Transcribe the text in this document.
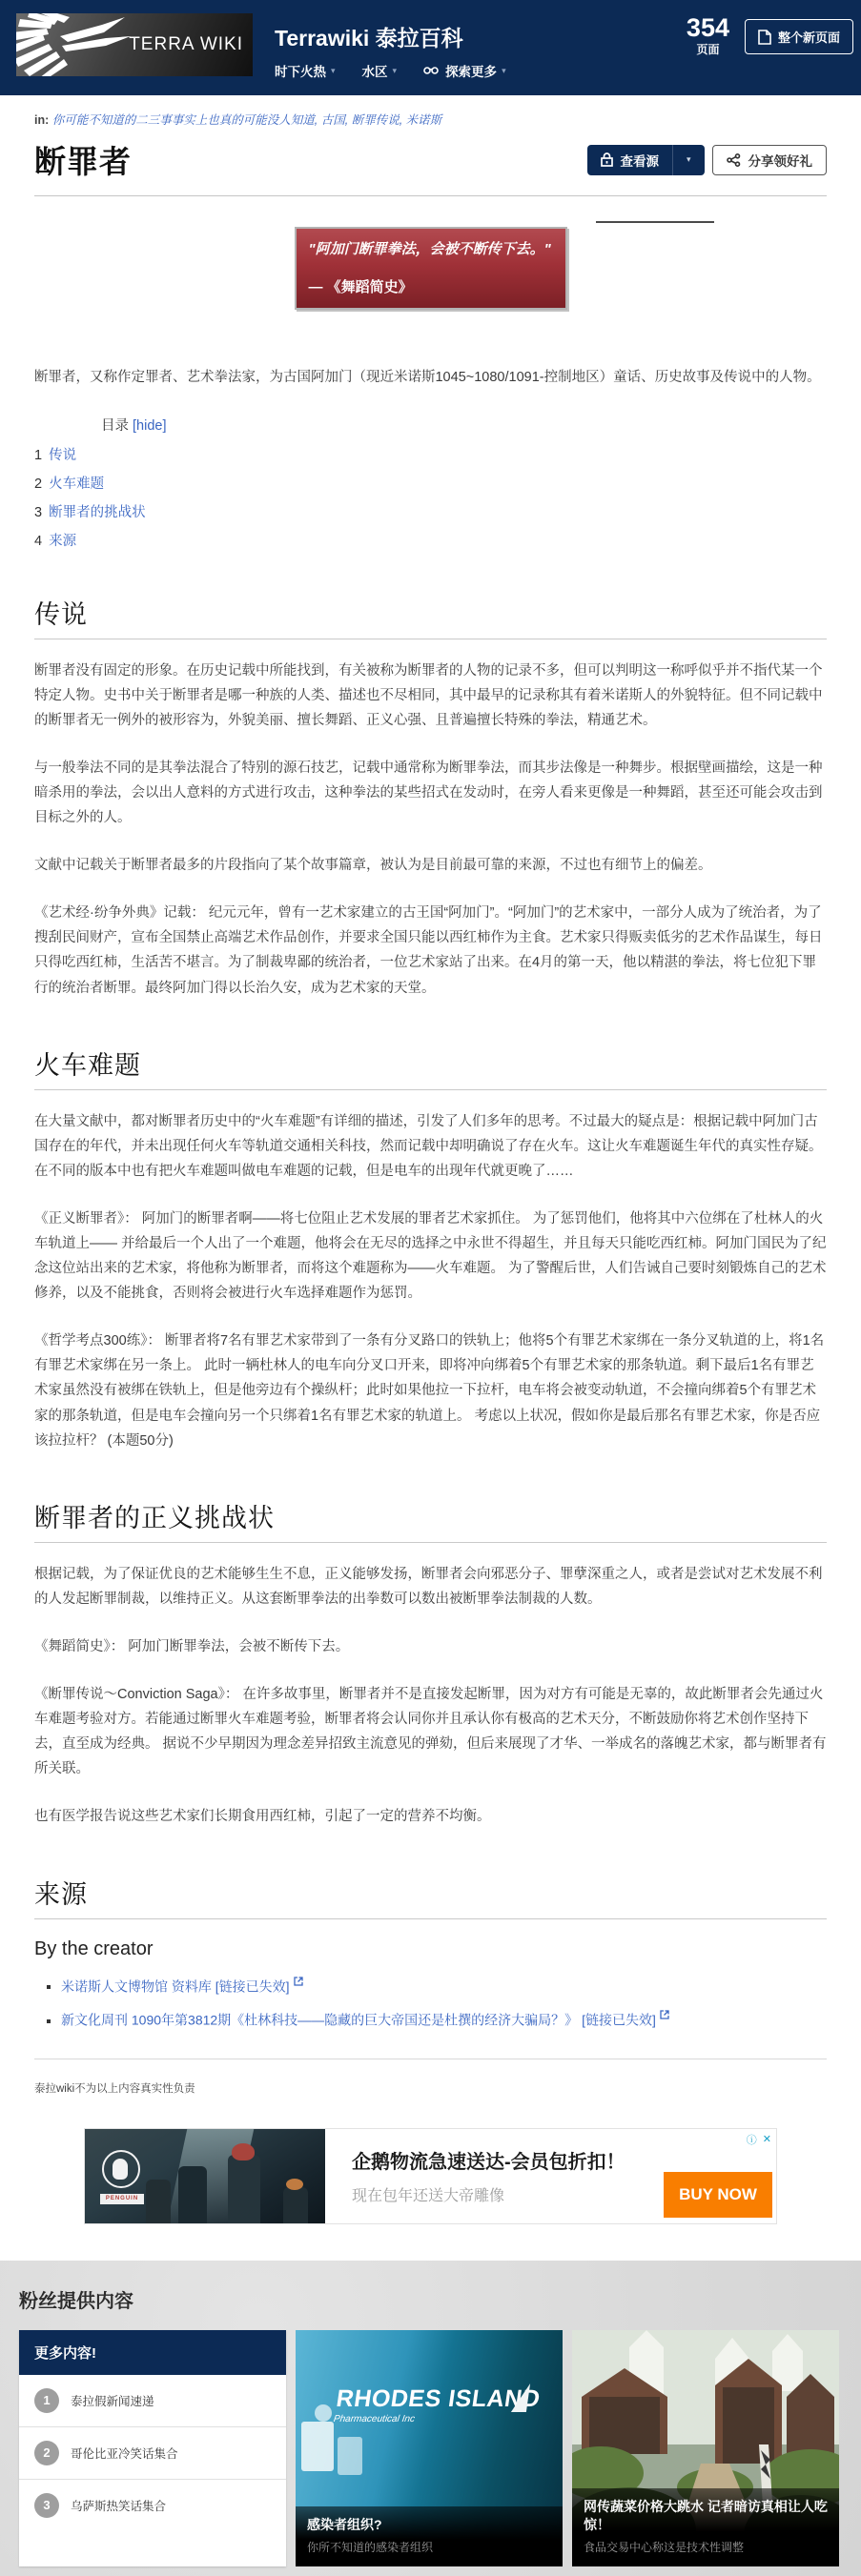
TERRA WIKI Terrawiki 泰拉百科
时下火热 ▾ 水区 ▾	探索更多 ▾
354
页面
整个新页面
in: 你可能不知道的二三事事实上也真的可能没人知道 , 古国 , 断罪传说 , 米诺斯
断罪者	查看源	▾	分享领好礼
"阿加门断罪拳法，会被不断传下去。"
— 《舞蹈简史》

断罪者，又称作定罪者、艺术拳法家，为古国阿加门（现近米诺斯1045~1080/1091-控制地区）童话、历史故事及传说中的人物。

目录 [hide]
1 传说
2 火车难题
3 断罪者的挑战状
4 来源
传说

断罪者没有固定的形象。在历史记载中所能找到，有关被称为断罪者的人物的记录不多，但可以判明这一称呼似乎并不指代某一个特定人物。史书中关于断罪者是哪一种族的人类、描述也不尽相同，其中最早的记录称其有着米诺斯人的外貌特征。但不同记载中的断罪者无一例外的被形容为，外貌美丽、擅长舞蹈、正义心强、且普遍擅长特殊的拳法，精通艺术。

与一般拳法不同的是其拳法混合了特别的源石技艺，记载中通常称为断罪拳法，而其步法像是一种舞步。根据壁画描绘，这是一种暗杀用的拳法，会以出人意料的方式进行攻击，这种拳法的某些招式在发动时，在旁人看来更像是一种舞蹈，甚至还可能会攻击到目标之外的人。

文献中记载关于断罪者最多的片段指向了某个故事篇章，被认为是目前最可靠的来源，不过也有细节上的偏差。

《艺术经·纷争外典》记载： 纪元元年，曾有一艺术家建立的古王国“阿加门”。“阿加门”的艺术家中，一部分人成为了统治者，为了搜刮民间财产，宣布全国禁止高端艺术作品创作，并要求全国只能以西红柿作为主食。艺术家只得贩卖低劣的艺术作品谋生，每日只得吃西红柿，生活苦不堪言。为了制裁卑鄙的统治者，一位艺术家站了出来。在4月的第一天，他以精湛的拳法，将七位犯下罪行的统治者断罪。最终阿加门得以长治久安，成为艺术家的天堂。

火车难题

在大量文献中，都对断罪者历史中的“火车难题”有详细的描述，引发了人们多年的思考。不过最大的疑点是：根据记载中阿加门古国存在的年代，并未出现任何火车等轨道交通相关科技，然而记载中却明确说了存在火车。这让火车难题诞生年代的真实性存疑。 在不同的版本中也有把火车难题叫做电车难题的记载，但是电车的出现年代就更晚了……

《正义断罪者》： 阿加门的断罪者啊——将七位阻止艺术发展的罪者艺术家抓住。 为了惩罚他们，他将其中六位绑在了杜林人的火车轨道上—— 并给最后一个人出了一个难题，他将会在无尽的选择之中永世不得超生，并且每天只能吃西红柿。阿加门国民为了纪念这位站出来的艺术家，将他称为断罪者，而将这个难题称为——火车难题。 为了警醒后世，人们告诫自己要时刻锻炼自己的艺术修养，以及不能挑食，否则将会被进行火车选择难题作为惩罚。

《哲学考点300练》： 断罪者将7名有罪艺术家带到了一条有分叉路口的铁轨上；他将5个有罪艺术家绑在一条分叉轨道的上，将1名有罪艺术家绑在另一条上。 此时一辆杜林人的电车向分叉口开来，即将冲向绑着5个有罪艺术家的那条轨道。剩下最后1名有罪艺术家虽然没有被绑在铁轨上，但是他旁边有个操纵杆；此时如果他拉一下拉杆，电车将会被变动轨道，不会撞向绑着5个有罪艺术家的那条轨道，但是电车会撞向另一个只绑着1名有罪艺术家的轨道上。 考虑以上状况，假如你是最后那名有罪艺术家，你是否应该拉拉杆？ (本题50分)

断罪者的正义挑战状

根据记载，为了保证优良的艺术能够生生不息，正义能够发扬，断罪者会向邪恶分子、罪孽深重之人，或者是尝试对艺术发展不利的人发起断罪制裁，以维持正义。从这套断罪拳法的出拳数可以数出被断罪拳法制裁的人数。

《舞蹈简史》： 阿加门断罪拳法，会被不断传下去。

《断罪传说～Conviction Saga》： 在许多故事里，断罪者并不是直接发起断罪，因为对方有可能是无辜的，故此断罪者会先通过火车难题考验对方。若能通过断罪火车难题考验，断罪者将会认同你并且承认你有极高的艺术天分，不断鼓励你将艺术创作坚持下去，直至成为经典。 据说不少早期因为理念差异招致主流意见的弹劾，但后来展现了才华、一举成名的落魄艺术家，都与断罪者有所关联。

也有医学报告说这些艺术家们长期食用西红柿，引起了一定的营养不均衡。

来源
By the creator
▪ 米诺斯人文博物馆 资料库 [链接已失效]
▪ 新文化周刊 1090年第3812期《杜林科技——隐藏的巨大帝国还是杜撰的经济大骗局？》 [链接已失效]
泰拉wiki不为以上内容真实性负责
PENGUIN
企鹅物流急速送达-会员包折扣！
现在包年还送大帝雕像	BUY NOW
ⓘ ✕
粉丝提供内容
更多内容!
1	泰拉假新闻速递
2	哥伦比亚冷笑话集合
3	乌萨斯热笑话集合
RHODES ISLAND
Pharmaceutical Inc
感染者组织?
你所不知道的感染者组织
网传蔬菜价格大跳水 记者暗访真相让人吃惊！
食品交易中心称这是技术性调整
